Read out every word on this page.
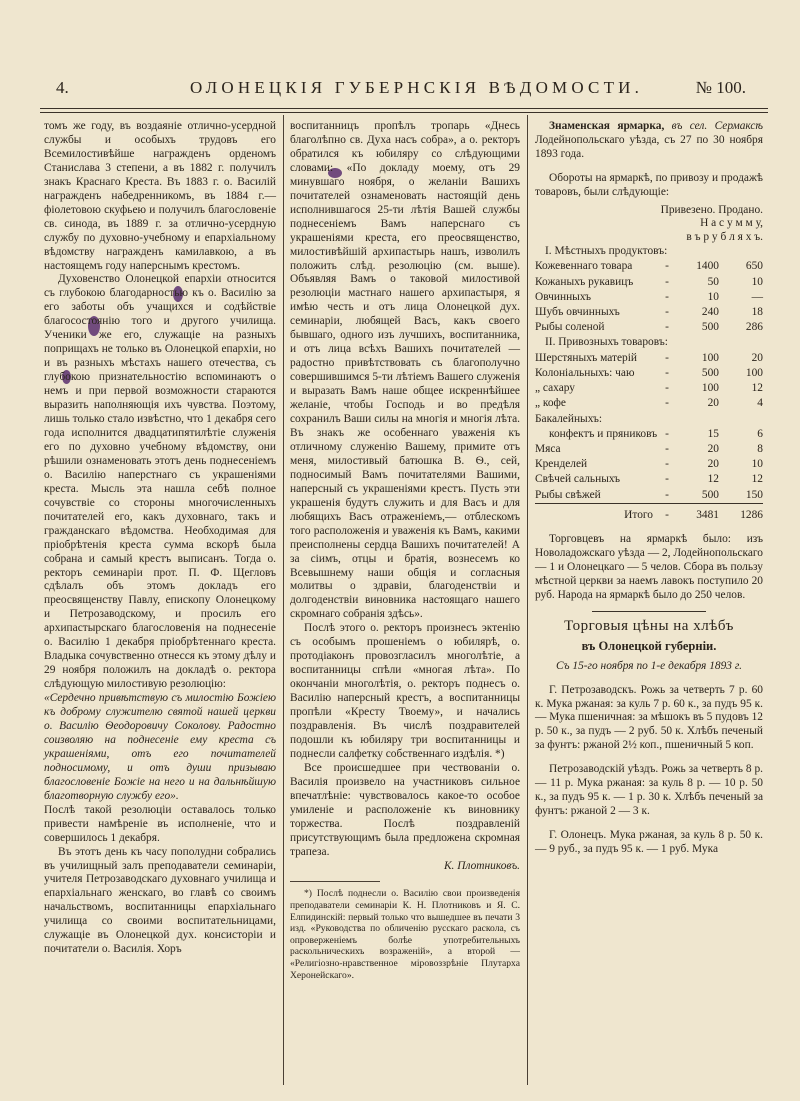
4.	ОЛОНЕЦКІЯ ГУБЕРНСКІЯ ВѢДОМОСТИ.	№ 100.

томъ же году, въ воздаяніе отличнo-усердной службы и особыхъ трудовъ его Всемилостивѣйше награжденъ орденомъ Станислава 3 степени, а въ 1882 г. получилъ знакъ Краснаго Креста. Въ 1883 г. о. Василій награжденъ набедренникомъ, въ 1884 г.— фіолетовою скуфьею и получилъ благословеніе св. синода, въ 1889 г. за отлично-усердную службу по духовно-учебному и епархіальному вѣдомству награжденъ камилавкою, а въ настоящемъ году наперснымъ крестомъ.

Духовенство Олонецкой епархіи относится съ глубокою благодарностью къ о. Василію за его заботы объ учащихся и содѣйствіе благосостоянію того и другого училища. Ученики же его, служащіе на разныхъ поприщахъ не только въ Олонецкой епархіи, но и въ разныхъ мѣстахъ нашего отечества, съ глубокою признательностію вспоминаютъ о немъ и при первой возможности стараются выразить наполняющія ихъ чувства. Поэтому, лишь только стало извѣстно, что 1 декабря сего года исполнится двадцатипятилѣтіе служенія его по духовно учебному вѣдомству, они рѣшили ознаменовать этотъ день поднесеніемъ о. Василію наперстнаго съ украшеніями креста. Мысль эта нашла себѣ полное сочувствіе со стороны многочисленныхъ почитателей его, какъ духовнаго, такъ и гражданскаго вѣдомства. Необходимая для пріобрѣтенія креста сумма вскорѣ была собрана и самый крестъ выписанъ. Тогда о. ректоръ семинаріи прот. П. Ф. Щегловъ сдѣлалъ объ этомъ докладъ его преосвященству Павлу, епископу Олонецкому и Петрозаводскому, и просилъ его архипастырскаго благословенія на поднесеніе о. Василію 1 декабря пріобрѣтеннаго креста. Владыка сочувственно отнесся къ этому дѣлу и 29 ноября положилъ на докладѣ о. ректора слѣдующую милостивую резолюцію:

«Сердечно привѣтствую съ милостію Божіею къ доброму служителю святой нашей церкви о. Василію Ѳеодоровичу Соколову. Радостно соизволяю на поднесеніе ему креста съ украшеніями, отъ его почитателей подносимому, и отъ души призываю благословеніе Божіе на него и на дальнѣйшую благотворную службу его».

Послѣ такой резолюціи оставалось только привести намѣреніе въ исполненіе, что и совершилось 1 декабря.

Въ этотъ день къ часу пополудни собрались въ училищный залъ преподаватели семинаріи, учителя Петрозаводскаго духовнаго училища и епархіальнаго женскаго, во главѣ со своимъ начальствомъ, воспитанницы епархіальнаго училища со своими воспитательницами, служащіе въ Олонецкой дух. консисторіи и почитатели о. Василія. Хоръ

воспитанницъ пропѣлъ тропарь «Днесь благолѣпно св. Духа насъ собра», а о. ректоръ обратился къ юбиляру со слѣдующими словами: «По докладу моему, отъ 29 минувшаго ноября, о желаніи Вашихъ почитателей ознаменовать настоящій день исполнившагося 25-ти лѣтія Вашей службы поднесеніемъ Вамъ наперснаго съ украшеніями креста, его преосвященство, милостивѣйшій архипастырь нашъ, изволилъ положить слѣд. резолюцію (см. выше). Объявляя Вамъ о таковой милостивой резолюціи мастнаго нашего архипастыря, я имѣю честь и отъ лица Олонецкой дух. семинаріи, любящей Васъ, какъ своего бывшаго, одного изъ лучшихъ, воспитанника, и отъ лица всѣхъ Вашихъ почитателей — радостно привѣтствовать съ благополучно совершившимся 5-ти лѣтіемъ Вашего служенія и выразать Вамъ наше общее искреннѣйшее желаніе, чтобы Господь и во предѣля сохранилъ Ваши силы на многія и многія лѣта. Въ знакъ же особеннаго уваженія къ отличному служенію Вашему, примите отъ меня, милостивый батюшка В. Ѳ., сей, подносимый Вамъ почитателями Вашими, наперсный съ украшеніями крестъ. Пусть эти украшенія будутъ служить и для Васъ и для любящихъ Васъ отраженіемъ,— отблескомъ того расположенія и уваженія къ Вамъ, какими преисполнены сердца Вашихъ почитателей! А за сіимъ, отцы и братія, вознесемъ ко Всевышнему наши общія и согласныя молитвы о здравіи, благоденствіи и долгоденствіи виновника настоящаго нашего скромнаго собранія здѣсь».

Послѣ этого о. ректоръ произнесъ эктенію съ особымъ прошеніемъ о юбилярѣ, о. протодіаконъ провозгласилъ многолѣтіе, а воспитанницы спѣли «многая лѣта». По окончаніи многолѣтія, о. ректоръ поднесъ о. Василію наперсный крестъ, а воспитанницы пропѣли «Кресту Твоему», и начались поздравленія. Въ числѣ поздравителей подошли къ юбиляру три воспитанницы и поднесли салфетку собственнаго издѣлія. *)

Все происшедшее при чествованіи о. Василія произвело на участниковъ сильное впечатлѣніе: чувствовалось какое-то особое умиленіе и расположеніе къ виновнику торжества. Послѣ поздравленій присутствующимъ была предложена скромная трапеза.

К. Плотниковъ.

*) Послѣ поднесли о. Василію свои произведенія преподаватели семинаріи К. Н. Плотниковъ и Я. С. Елпидинскій: первый только что вышедшее въ печати 3 изд. «Руководства по обличенію русскаго раскола, съ опроверженіемъ болѣе употребительныхъ раскольническихъ возраженій», а второй — «Религіозно-нравственное міровоззрѣніе Плутарха Херонейскаго».

Знаменская ярмарка, въ сел. Сермаксѣ Лодейнопольскаго уѣзда, съ 27 по 30 ноября 1893 года.

Обороты на ярмаркѣ, по привозу и продажѣ товаровъ, были слѣдующіе:

Привезено. Продано.
Н а с у м м у,
в ъ р у б л я х ъ.
I. Мѣстныхъ продуктовъ:			
Кожевеннаго товара	-	1400	650
Кожаныхъ рукавицъ	-	50	10
Овчинныхъ	-	10	—
Шубъ овчинныхъ	-	240	18
Рыбы соленой	-	500	286
II. Привозныхъ товаровъ:			
Шерстяныхъ матерій	-	100	20
Колоніальныхъ: чаю	-	500	100
„ сахару	-	100	12
„ кофе	-	20	4
Бакалейныхъ:			
конфектъ и пряниковъ	-	15	6
Мяса	-	20	8
Кренделей	-	20	10
Свѣчей сальныхъ	-	12	12
Рыбы свѣжей	-	500	150

Итого	-	3481	1286

Торговцевъ на ярмаркѣ было: изъ Новоладожскаго уѣзда — 2, Лодейнопольскаго — 1 и Олонецкаго — 5 челов. Сбора въ пользу мѣстной церкви за наемъ лавокъ поступило 20 руб. Народа на ярмаркѣ было до 250 челов.

Торговыя цѣны на хлѣбъ
въ Олонецкой губерніи.
Съ 15-го ноября по 1-е декабря 1893 г.

Г. Петрозаводскъ. Рожь за четверть 7 р. 60 к. Мука ржаная: за куль 7 р. 60 к., за пудъ 95 к. — Мука пшеничная: за мѣшокъ въ 5 пудовъ 12 р. 50 к., за пудъ — 2 руб. 50 к. Хлѣбъ печеный за фунтъ: ржаной 2½ коп., пшеничный 5 коп.

Петрозаводскій уѣздъ. Рожь за четверть 8 р. — 11 р. Мука ржаная: за куль 8 р. — 10 р. 50 к., за пудъ 95 к. — 1 р. 30 к. Хлѣбъ печеный за фунтъ: ржаной 2 — 3 к.

Г. Олонецъ. Мука ржаная, за куль 8 р. 50 к. — 9 руб., за пудъ 95 к. — 1 руб. Мука
